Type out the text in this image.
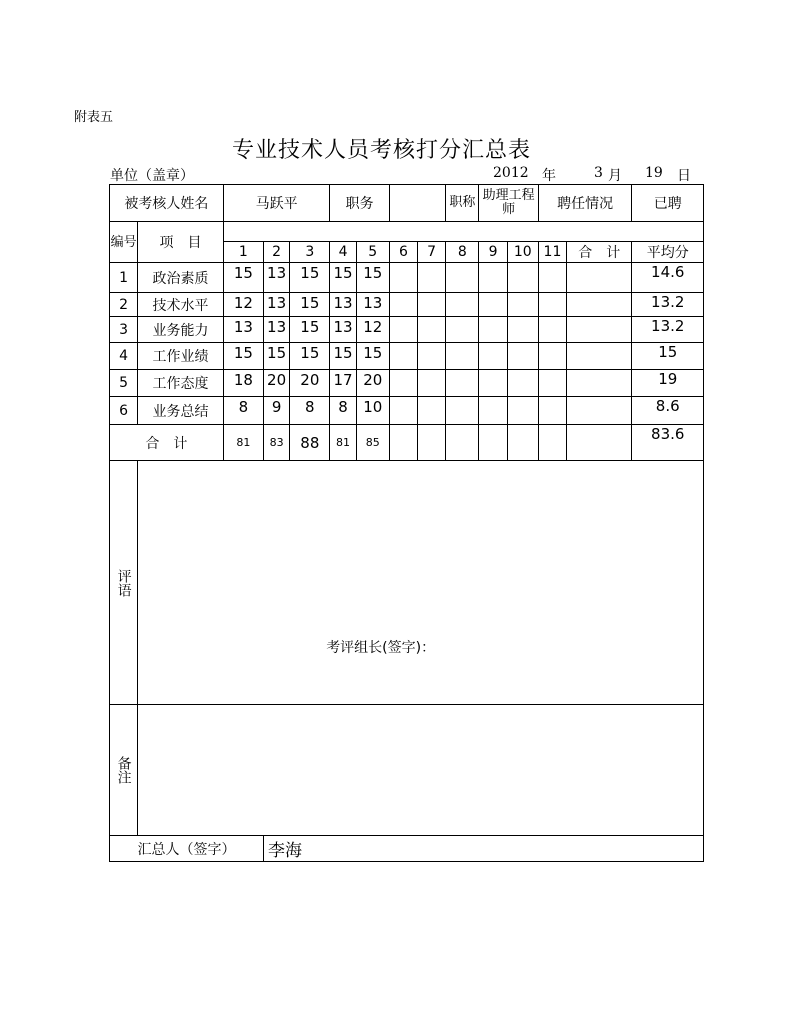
附表五
专业技术人员考核打分汇总表
单位（盖章）	2012 年	3 月 19 日
被考核人姓名		马跃平			职务				职称	助理工程师		聘任情况		已聘
编号	项　目													
		1	2	3	4	5	6	7	8	9	10	11	合　计	平均分
1	政治素质	15	13	15	15	15								14.6
2	技术水平	12	13	15	13	13								13.2
3	业务能力	13	13	15	13	12								13.2
4	工作业绩	15	15	15	15	15								15
5	工作态度	18	20	20	17	20								19
6	业务总结	8	9	8	8	10								8.6
合　计		81	83	88	81	85								83.6
评语	考评组长(签字)：													

备注														
汇总人（签字）			李海											
